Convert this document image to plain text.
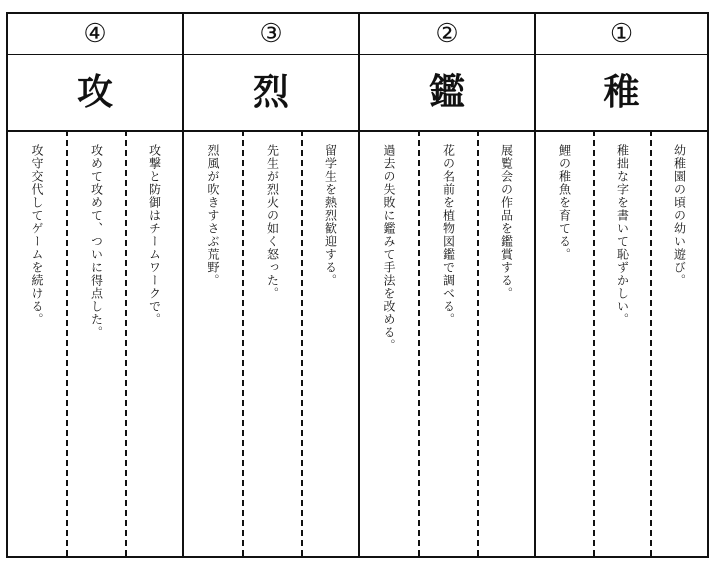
④
攻
攻守交代してゲームを続ける。	攻めて攻めて、ついに得点した。	攻撃と防御はチームワークで。
③
烈
烈風が吹きすさぶ荒野。	先生が烈火の如く怒った。	留学生を熱烈歓迎する。
②
鑑
過去の失敗に鑑みて手法を改める。	花の名前を植物図鑑で調べる。	展覧会の作品を鑑賞する。
①
稚
鯉の稚魚を育てる。	稚拙な字を書いて恥ずかしい。	幼稚園の頃の幼い遊び。
